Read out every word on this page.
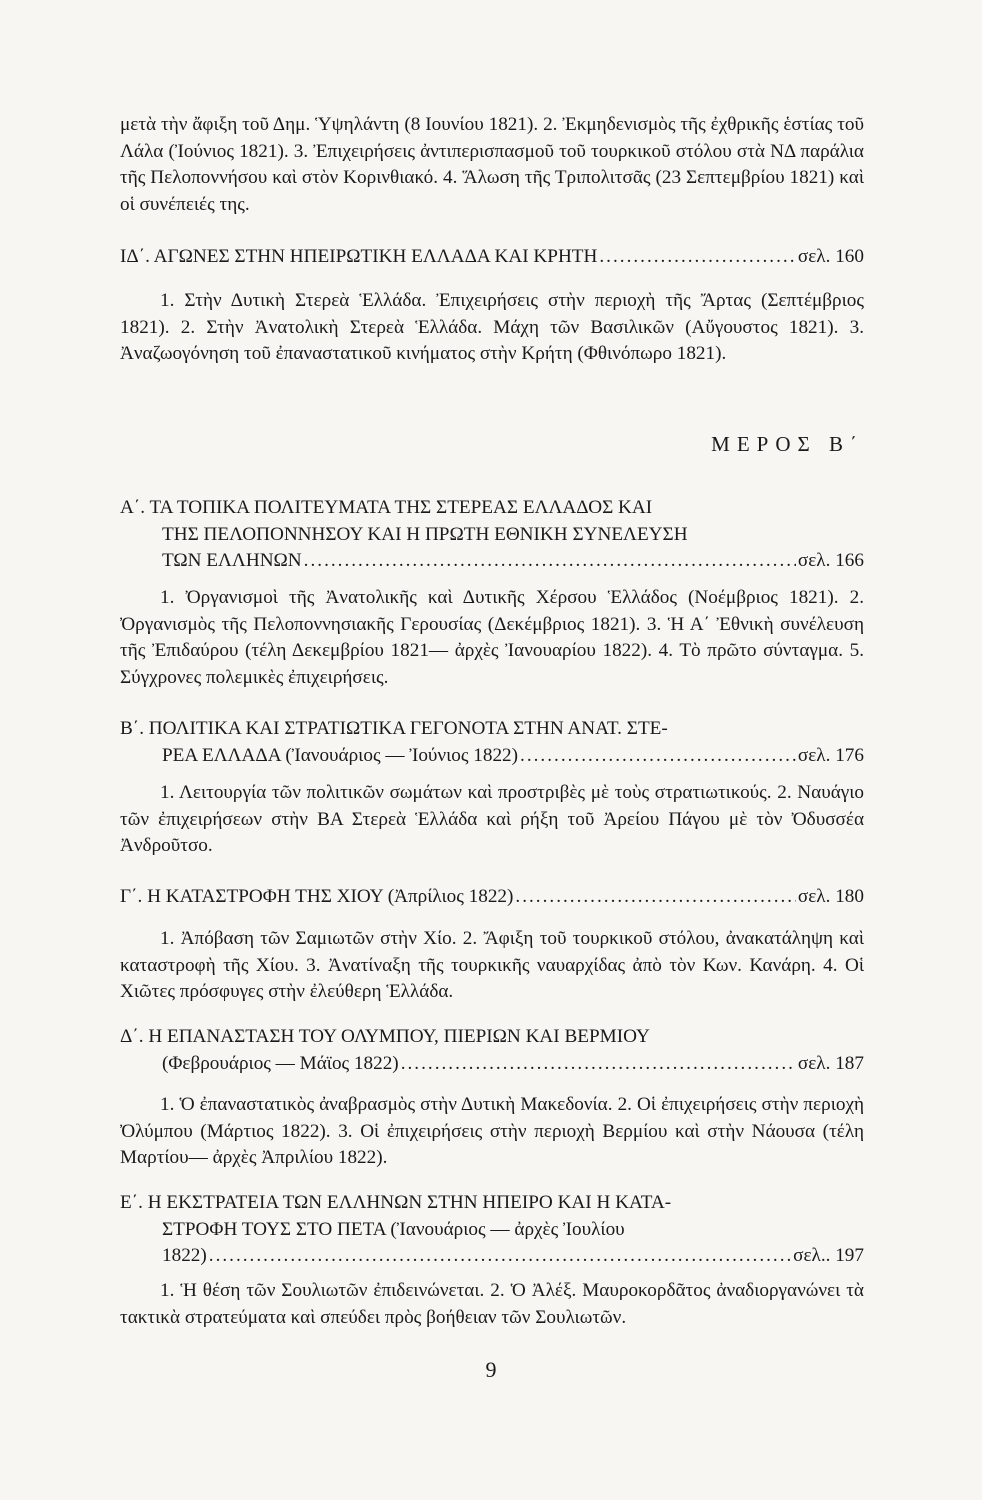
μετὰ τὴν ἄφιξη τοῦ Δημ. Ὑψηλάντη (8 Ιουνίου 1821). 2. Ἐκμηδενισμὸς τῆς ἐχθρικῆς ἑστίας τοῦ Λάλα (Ἰούνιος 1821). 3. Ἐπιχειρήσεις ἀντιπερισπασμοῦ τοῦ τουρκικοῦ στόλου στὰ ΝΔ παράλια τῆς Πελοποννήσου καὶ στὸν Κορινθιακό. 4. Ἅλωση τῆς Τριπολιτσᾶς (23 Σεπτεμβρίου 1821) καὶ οἱ συνέπειές της.

ΙΔ΄. ΑΓΩΝΕΣ ΣΤΗΝ ΗΠΕΙΡΩΤΙΚΗ ΕΛΛΑΔΑ ΚΑΙ ΚΡΗΤΗ .....	σελ. 160

1. Στὴν Δυτικὴ Στερεὰ Ἑλλάδα. Ἐπιχειρήσεις στὴν περιοχὴ τῆς Ἄρτας (Σεπτέμβριος 1821). 2. Στὴν Ἀνατολικὴ Στερεὰ Ἑλλάδα. Μάχη τῶν Βασιλικῶν (Αὔγουστος 1821). 3. Ἀναζωογόνηση τοῦ ἐπαναστατικοῦ κινήματος στὴν Κρήτη (Φθινόπωρο 1821).

ΜΕΡΟΣ Β΄

Α΄. ΤΑ ΤΟΠΙΚΑ ΠΟΛΙΤΕΥΜΑΤΑ ΤΗΣ ΣΤΕΡΕΑΣ ΕΛΛΑΔΟΣ ΚΑΙ
ΤΗΣ ΠΕΛΟΠΟΝΝΗΣΟΥ ΚΑΙ Η ΠΡΩΤΗ ΕΘΝΙΚΗ ΣΥΝΕΛΕΥΣΗ
ΤΩΝ ΕΛΛΗΝΩΝ .....	σελ. 166

1. Ὀργανισμοὶ τῆς Ἀνατολικῆς καὶ Δυτικῆς Χέρσου Ἑλλάδος (Νοέμβριος 1821). 2. Ὀργανισμὸς τῆς Πελοποννησιακῆς Γερουσίας (Δεκέμβριος 1821). 3. Ἡ Α΄ Ἐθνικὴ συνέλευση τῆς Ἐπιδαύρου (τέλη Δεκεμβρίου 1821— ἀρχὲς Ἰανουαρίου 1822). 4. Τὸ πρῶτο σύνταγμα. 5. Σύγχρονες πολεμικὲς ἐπιχειρήσεις.

Β΄. ΠΟΛΙΤΙΚΑ ΚΑΙ ΣΤΡΑΤΙΩΤΙΚΑ ΓΕΓΟΝΟΤΑ ΣΤΗΝ ΑΝΑΤ. ΣΤΕ-
ΡΕΑ ΕΛΛΑΔΑ (Ἰανουάριος — Ἰούνιος 1822) .....	σελ. 176

1. Λειτουργία τῶν πολιτικῶν σωμάτων καὶ προστριβὲς μὲ τοὺς στρατιωτικούς. 2. Ναυάγιο τῶν ἐπιχειρήσεων στὴν ΒΑ Στερεὰ Ἑλλάδα καὶ ρήξη τοῦ Ἀρείου Πάγου μὲ τὸν Ὀδυσσέα Ἀνδροῦτσο.

Γ΄. Η ΚΑΤΑΣΤΡΟΦΗ ΤΗΣ ΧΙΟΥ (Ἀπρίλιος 1822) .....	σελ. 180

1. Ἀπόβαση τῶν Σαμιωτῶν στὴν Χίο. 2. Ἄφιξη τοῦ τουρκικοῦ στόλου, ἀνακατάληψη καὶ καταστροφὴ τῆς Χίου. 3. Ἀνατίναξη τῆς τουρκικῆς ναυαρχίδας ἀπὸ τὸν Κων. Κανάρη. 4. Οἱ Χιῶτες πρόσφυγες στὴν ἐλεύθερη Ἑλλάδα.

Δ΄. Η ΕΠΑΝΑΣΤΑΣΗ ΤΟΥ ΟΛΥΜΠΟΥ, ΠΙΕΡΙΩΝ ΚΑΙ ΒΕΡΜΙΟΥ
(Φεβρουάριος — Μάϊος 1822) .....	σελ. 187

1. Ὁ ἐπαναστατικὸς ἀναβρασμὸς στὴν Δυτικὴ Μακεδονία. 2. Οἱ ἐπιχειρήσεις στὴν περιοχὴ Ὀλύμπου (Μάρτιος 1822). 3. Οἱ ἐπιχειρήσεις στὴν περιοχὴ Βερμίου καὶ στὴν Νάουσα (τέλη Μαρτίου— ἀρχὲς Ἀπριλίου 1822).

Ε΄. Η ΕΚΣΤΡΑΤΕΙΑ ΤΩΝ ΕΛΛΗΝΩΝ ΣΤΗΝ ΗΠΕΙΡΟ ΚΑΙ Η ΚΑΤΑ-
ΣΤΡΟΦΗ ΤΟΥΣ ΣΤΟ ΠΕΤΑ (Ἰανουάριος — ἀρχὲς Ἰουλίου
1822) .....	σελ.. 197

1. Ἡ θέση τῶν Σουλιωτῶν ἐπιδεινώνεται. 2. Ὁ Ἀλέξ. Μαυροκορδᾶτος ἀναδιοργανώνει τὰ τακτικὰ στρατεύματα καὶ σπεύδει πρὸς βοήθειαν τῶν Σουλιωτῶν.

9
